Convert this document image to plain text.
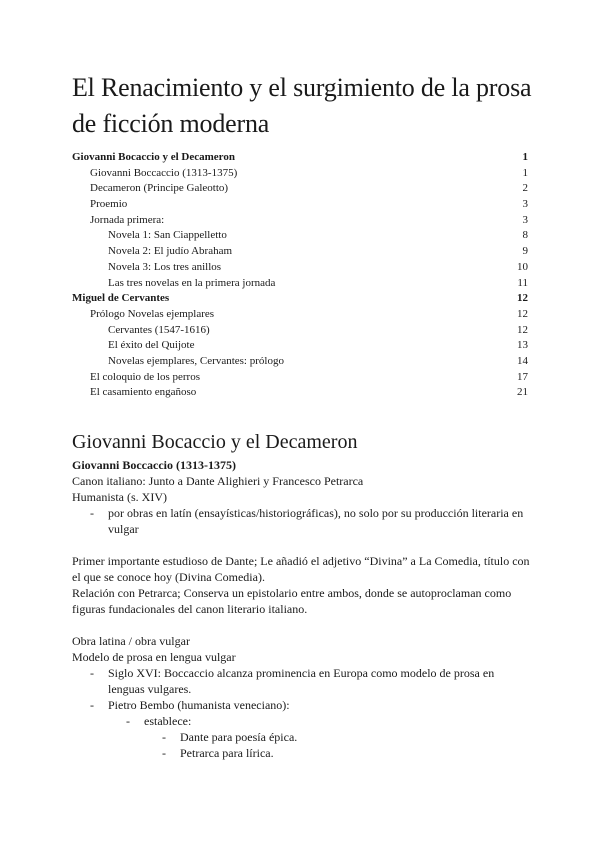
El Renacimiento y el surgimiento de la prosa de ficción moderna
Giovanni Bocaccio y el Decameron	1
Giovanni Boccaccio (1313-1375)	1
Decameron (Principe Galeotto)	2
Proemio	3
Jornada primera:	3
Novela 1: San Ciappelletto	8
Novela 2: El judío Abraham	9
Novela 3: Los tres anillos	10
Las tres novelas en la primera jornada	11
Miguel de Cervantes	12
Prólogo Novelas ejemplares	12
Cervantes (1547-1616)	12
El éxito del Quijote	13
Novelas ejemplares, Cervantes: prólogo	14
El coloquio de los perros	17
El casamiento engañoso	21
Giovanni Bocaccio y el Decameron

Giovanni Boccaccio (1313-1375)

Canon italiano: Junto a Dante Alighieri y Francesco Petrarca

Humanista (s. XIV)

- por obras en latín (ensayísticas/historiográficas), no solo por su producción literaria en vulgar

Primer importante estudioso de Dante; Le añadió el adjetivo “Divina” a La Comedia, título con el que se conoce hoy (Divina Comedia).

Relación con Petrarca; Conserva un epistolario entre ambos, donde se autoproclaman como figuras fundacionales del canon literario italiano.

Obra latina / obra vulgar

Modelo de prosa en lengua vulgar

- Siglo XVI: Boccaccio alcanza prominencia en Europa como modelo de prosa en lenguas vulgares.
- Pietro Bembo (humanista veneciano):
- establece:
- Dante para poesía épica.
- Petrarca para lírica.
